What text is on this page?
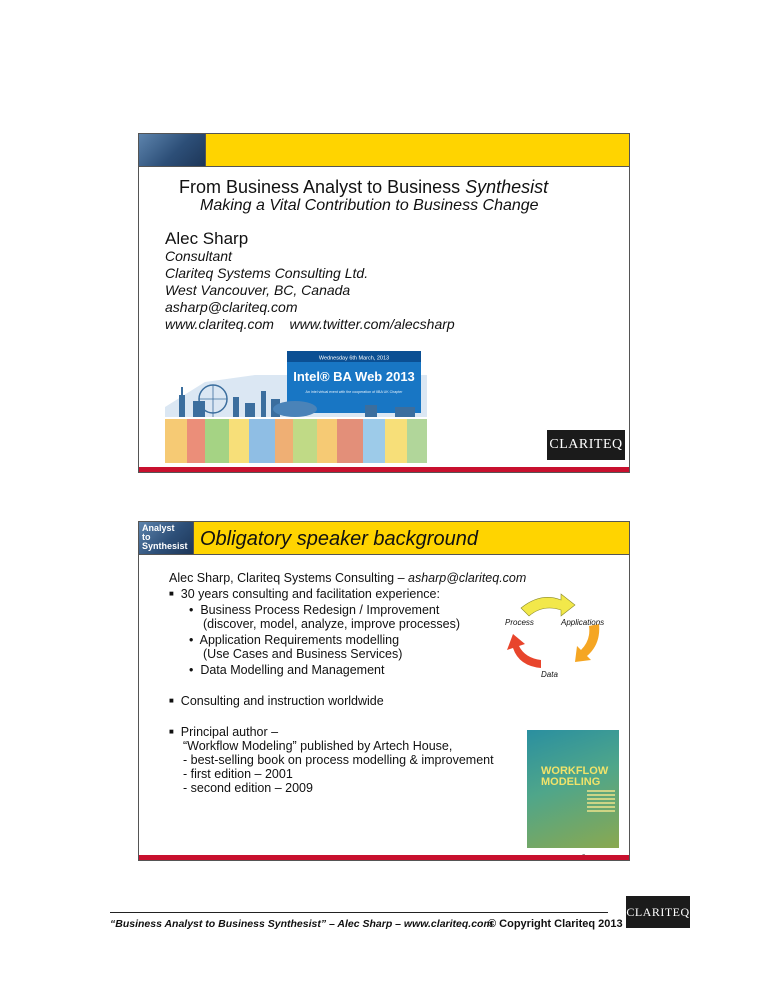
From Business Analyst to Business Synthesist
Making a Vital Contribution to Business Change
Alec Sharp
Consultant
Clariteq Systems Consulting Ltd.
West Vancouver, BC, Canada
asharp@clariteq.com
www.clariteq.com    www.twitter.com/alecsharp
Wednesday 6th March, 2013
Intel® BA Web 2013
An intel virtual event with the cooperation of IIBA UK Chapter
CLARITEQ
Analyst
to
Synthesist Obligatory speaker background
Alec Sharp, Clariteq Systems Consulting – asharp@clariteq.com
■ 30 years consulting and facilitation experience:
•  Business Process Redesign / Improvement
(discover, model, analyze, improve processes)
•  Application Requirements modelling
(Use Cases and Business Services)
•  Data Modelling and Management
■ Consulting and instruction worldwide
■ Principal author –
“Workflow Modeling” published by Artech House,
- best-selling book on process modelling & improvement
- first edition – 2001
- second edition – 2009
Process	Applications
Data
WORKFLOW MODELING
“Business Analyst to Business Synthesist” – Alec Sharp – www.clariteq.com
© Copyright Clariteq 2013
CLARITEQ
